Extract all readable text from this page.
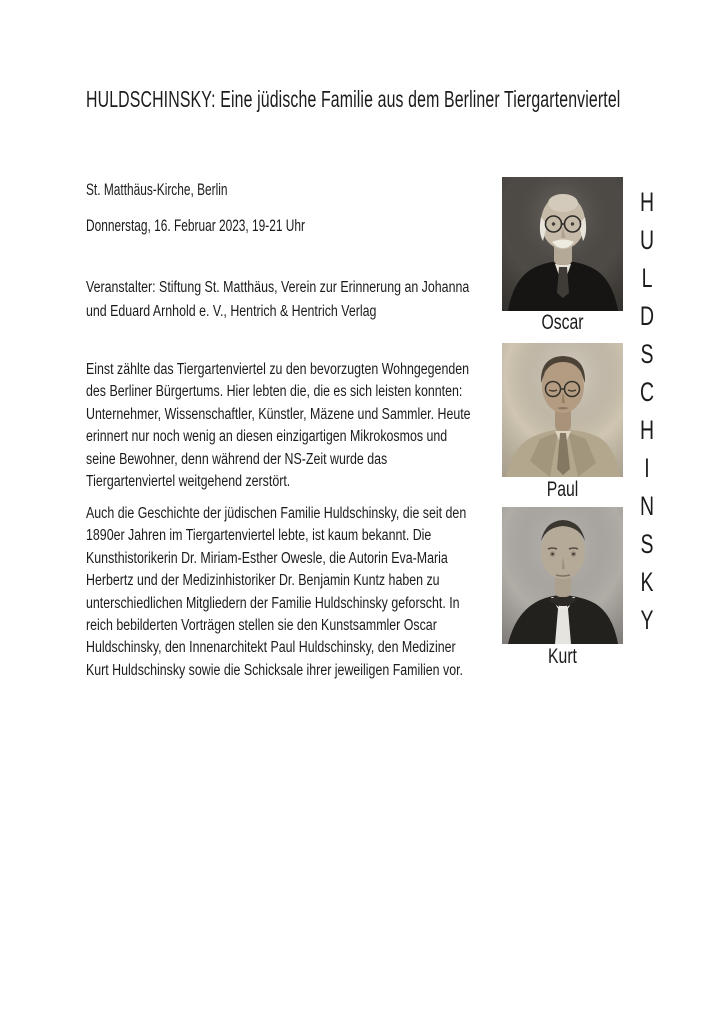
HULDSCHINSKY: Eine jüdische Familie aus dem Berliner Tiergartenviertel
St. Matthäus-Kirche, Berlin
Donnerstag, 16. Februar 2023, 19-21 Uhr
Veranstalter: Stiftung St. Matthäus, Verein zur Erinnerung an Johanna
und Eduard Arnhold e. V., Hentrich & Hentrich Verlag
Einst zählte das Tiergartenviertel zu den bevorzugten Wohngegenden
des Berliner Bürgertums. Hier lebten die, die es sich leisten konnten:
Unternehmer, Wissenschaftler, Künstler, Mäzene und Sammler. Heute
erinnert nur noch wenig an diesen einzigartigen Mikrokosmos und
seine Bewohner, denn während der NS-Zeit wurde das
Tiergartenviertel weitgehend zerstört.
Auch die Geschichte der jüdischen Familie Huldschinsky, die seit den
1890er Jahren im Tiergartenviertel lebte, ist kaum bekannt. Die
Kunsthistorikerin Dr. Miriam-Esther Owesle, die Autorin Eva-Maria
Herbertz und der Medizinhistoriker Dr. Benjamin Kuntz haben zu
unterschiedlichen Mitgliedern der Familie Huldschinsky geforscht. In
reich bebilderten Vorträgen stellen sie den Kunstsammler Oscar
Huldschinsky, den Innenarchitekt Paul Huldschinsky, den Mediziner
Kurt Huldschinsky sowie die Schicksale ihrer jeweiligen Familien vor.
Oscar
Paul
Kurt
H
U
L
D
S
C
H
I
N
S
K
Y
